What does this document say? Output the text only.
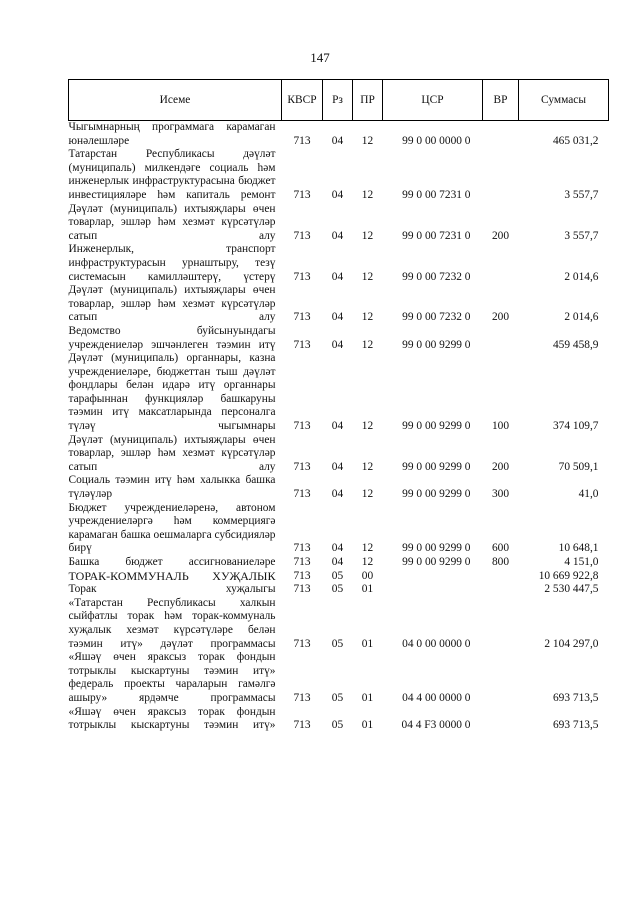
147
Исеме	КВСР	Рз	ПР	ЦСР	ВР	Суммасы
Чыгымнарның программага карамаган юнәлешләре	713	04	12	99 0 00 0000 0		465 031,2
Татарстан Республикасы дәүләт (муниципаль) милкендәге социаль һәм инженерлык инфраструктурасына бюджет инвестицияләре һәм капиталь ремонт	713	04	12	99 0 00 7231 0		3 557,7
Дәүләт (муниципаль) ихтыяҗлары өчен товарлар, эшләр һәм хезмәт күрсәтүләр сатып алу	713	04	12	99 0 00 7231 0	200	3 557,7
Инженерлык, транспорт инфраструктурасын урнаштыру, тезү системасын камилләштерү, үстерү	713	04	12	99 0 00 7232 0		2 014,6
Дәүләт (муниципаль) ихтыяҗлары өчен товарлар, эшләр һәм хезмәт күрсәтүләр сатып алу	713	04	12	99 0 00 7232 0	200	2 014,6
Ведомство буйсынуындагы учреждениеләр эшчәнлеген тәэмин итү	713	04	12	99 0 00 9299 0		459 458,9
Дәүләт (муниципаль) органнары, казна учреждениеләре, бюджеттан тыш дәүләт фондлары белән идарә итү органнары тарафыннан функцияләр башкаруны тәэмин итү максатларында персоналга түләү чыгымнары	713	04	12	99 0 00 9299 0	100	374 109,7
Дәүләт (муниципаль) ихтыяҗлары өчен товарлар, эшләр һәм хезмәт күрсәтүләр сатып алу	713	04	12	99 0 00 9299 0	200	70 509,1
Социаль тәэмин итү һәм халыкка башка түләүләр	713	04	12	99 0 00 9299 0	300	41,0
Бюджет учреждениеләренә, автоном учреждениеләргә һәм коммерциягә карамаган башка оешмаларга субсидияләр бирү	713	04	12	99 0 00 9299 0	600	10 648,1
Башка бюджет ассигнованиеләре	713	04	12	99 0 00 9299 0	800	4 151,0
ТОРАК-КОММУНАЛЬ ХУҖАЛЫК	713	05	00			10 669 922,8
Торак хуҗалыгы	713	05	01			2 530 447,5
«Татарстан Республикасы халкын сыйфатлы торак һәм торак-коммуналь хуҗалык хезмәт күрсәтүләре белән тәэмин итү» дәүләт программасы	713	05	01	04 0 00 0000 0		2 104 297,0
«Яшәү өчен яраксыз торак фондын тотрыклы кыскартуны тәэмин итү» федераль проекты чараларын гамәлгә ашыру» ярдәмче программасы	713	05	01	04 4 00 0000 0		693 713,5
«Яшәү өчен яраксыз торак фондын тотрыклы кыскартуны тәэмин итү»	713	05	01	04 4 F3 0000 0		693 713,5
